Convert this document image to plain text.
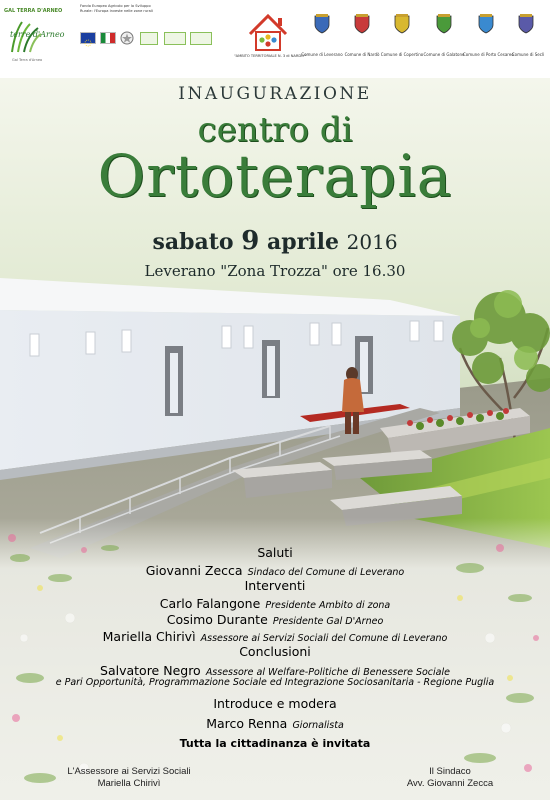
GAL TERRA D'ARNEO
terre d'Arneo
Gal Terra d'Arneo
Fondo Europeo Agricolo per lo Sviluppo Rurale: l'Europa investe nelle zone rurali
"AMBITO TERRITORIALE N. 3 di NARDO'"
Comune di Leverano Comune di Nardò Comune di Copertino Comune di Galatone
Comune di Porto Cesareo
Comune di Seclì
INAUGURAZIONE
centro di
Ortoterapia
sabato 9 aprile 2016
Leverano "Zona Trozza" ore 16.30
Saluti
Giovanni Zecca Sindaco del Comune di Leverano
Interventi
Carlo Falangone Presidente Ambito di zona
Cosimo Durante Presidente Gal D'Arneo
Mariella Chirivì Assessore ai Servizi Sociali del Comune di Leverano
Conclusioni
Salvatore Negro Assessore al Welfare-Politiche di Benessere Sociale
e Pari Opportunità, Programmazione Sociale ed Integrazione Sociosanitaria - Regione Puglia
Introduce e modera
Marco Renna Giornalista
Tutta la cittadinanza è invitata
L'Assessore ai Servizi Sociali
Mariella Chirivì
Il Sindaco
Avv. Giovanni Zecca
